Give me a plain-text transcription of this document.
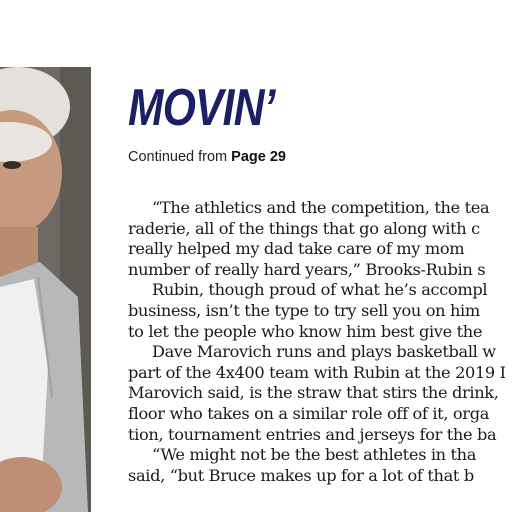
MOVIN’
Continued from Page 29
“The athletics and the competition, the tea
raderie, all of the things that go along with c
really helped my dad take care of my mom
number of really hard years,” Brooks-Rubin s
Rubin, though proud of what he’s accompl
business, isn’t the type to try sell you on him
to let the people who know him best give the
Dave Marovich runs and plays basketball w
part of the 4x400 team with Rubin at the 2019 I
Marovich said, is the straw that stirs the drink,
floor who takes on a similar role off of it, orga
tion, tournament entries and jerseys for the ba
“We might not be the best athletes in tha
said, “but Bruce makes up for a lot of that b
